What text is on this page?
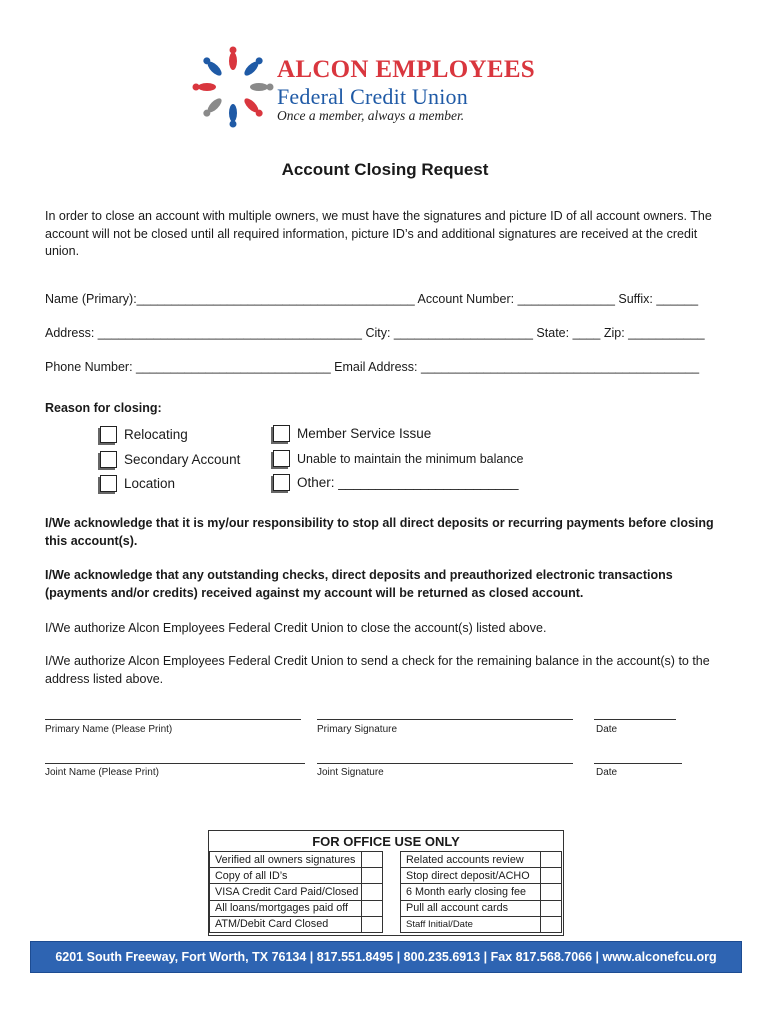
ALCON EMPLOYEES
Federal Credit Union
Once a member, always a member.
Account Closing Request
In order to close an account with multiple owners, we must have the signatures and picture ID of all account owners. The account will not be closed until all required information, picture ID’s and additional signatures are received at the credit union.
Name (Primary):________________________________________ Account Number: ______________ Suffix: ______
Address: ______________________________________ City: ____________________ State: ____ Zip: ___________
Phone Number: ____________________________ Email Address: ________________________________________
Reason for closing:
Relocating
Secondary Account
Location
Member Service Issue
Unable to maintain the minimum balance
Other: ________________________
I/We acknowledge that it is my/our responsibility to stop all direct deposits or recurring payments before closing this account(s).
I/We acknowledge that any outstanding checks, direct deposits and preauthorized electronic transactions (payments and/or credits) received against my account will be returned as closed account.
I/We authorize Alcon Employees Federal Credit Union to close the account(s) listed above.
I/We authorize Alcon Employees Federal Credit Union to send a check for the remaining balance in the account(s) to the address listed above.
Primary Name (Please Print)	Primary Signature	Date
Joint Name (Please Print)	Joint Signature	Date
FOR OFFICE USE ONLY
Verified all owners signatures			Related accounts review	
Copy of all ID’s			Stop direct deposit/ACHO	
VISA Credit Card Paid/Closed			6 Month early closing fee	
All loans/mortgages paid off			Pull all account cards	
ATM/Debit Card Closed			Staff Initial/Date	
6201 South Freeway, Fort Worth, TX 76134 | 817.551.8495 | 800.235.6913 | Fax 817.568.7066 | www.alconefcu.org
